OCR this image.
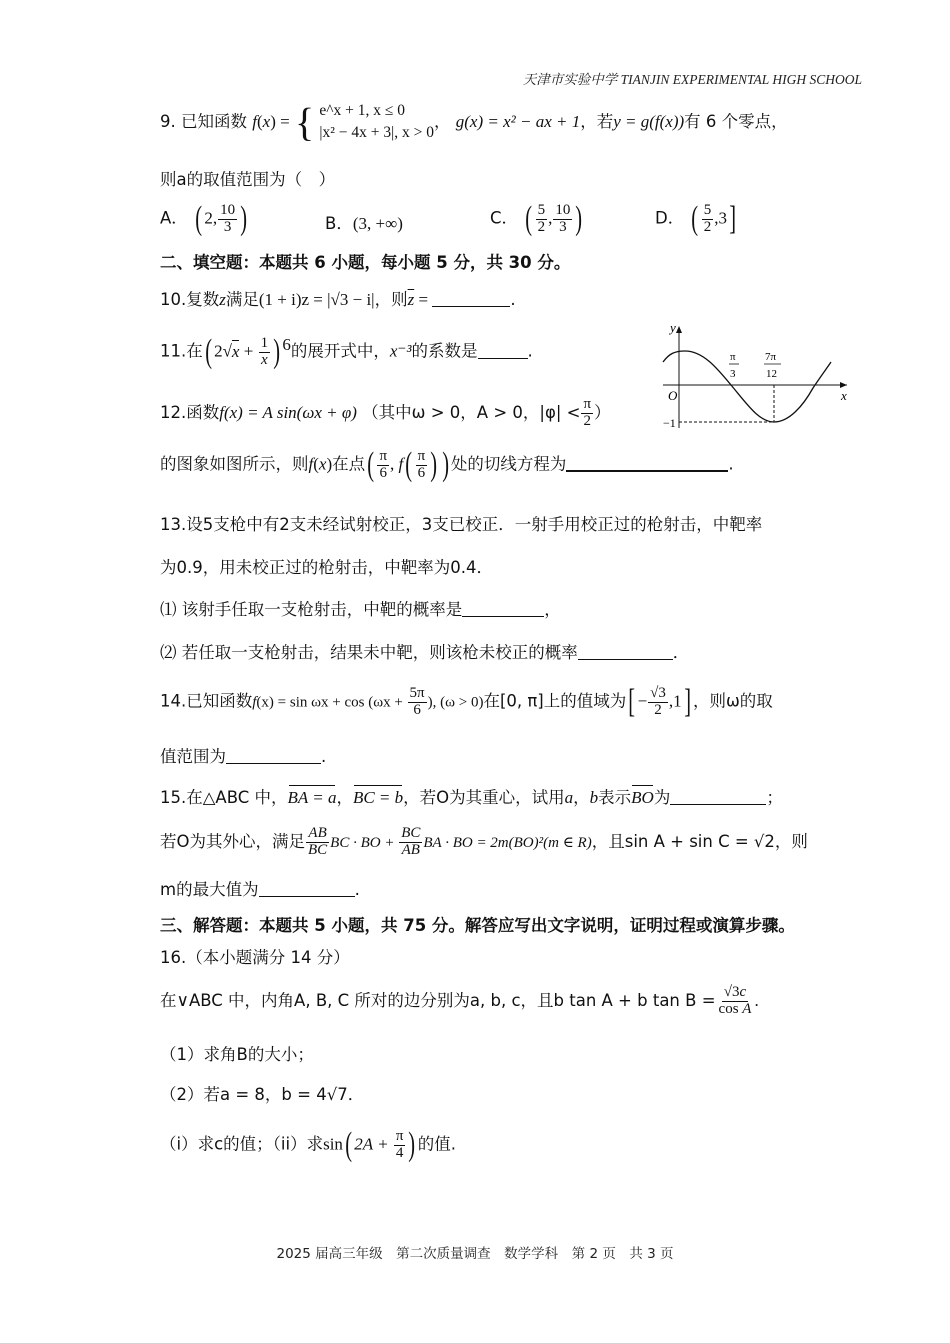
天津市实验中学 TIANJIN EXPERIMENTAL HIGH SCHOOL
9. 已知函数 f(x) = { e^x + 1, x ≤ 0
|x² − 4x + 3|, x > 0
， g(x) = x² − ax + 1，若y = g(f(x))有 6 个零点，
则a的取值范围为（　）
A． ( 2, $\frac{10}{3}$ )	B．(3, +∞)	C． ( $\frac{5}{2}$ , $\frac{10}{3}$ )	D． ( $\frac{5}{2} ,3$]
二、填空题：本题共 6 小题，每小题 5 分，共 30 分。
10.复数z满足(1 + i)z = |√3 − i|，则$\overline{z}$ =	.
11.在( $2√x + \frac{1}{x}$ ) $^6$的展开式中，x⁻³的系数是	.
12.函数f(x) = A sin(ωx + φ) （其中ω > 0，A > 0，$|\varphi| < \frac{\pi}{2}$ ）
的图象如图所示，则f(x)在点( $\frac{\pi}{6}$ , $f( \frac{\pi}{6}$ ) ) 处的切线方程为	.
y
x
O
−1
π
3
7π
12
13.设5支枪中有2支未经试射校正，3支已校正．一射手用校正过的枪射击，中靶率
为0.9，用未校正过的枪射击，中靶率为0.4．
⑴ 该射手任取一支枪射击，中靶的概率是	，
⑵ 若任取一支枪射击，结果未中靶，则该枪未校正的概率	．
14.已知函数$f(x) = \sin \omega x + \cos (\omega x + \frac{5\pi}{6}$ ), (ω > 0)在[0, π]上的值域为[ − $\frac{√3}{2} ,1$] ，则ω的取
值范围为	.
15.在△ABC 中，BA = a，BC = b，若O为其重心，试用a，b表示BO为	；
若O为其外心，满足 $\frac{AB}{BC}$ BC · BO + $\frac{BC}{AB}$ BA · BO = 2m(BO)²(m ∈ R)，且sin A + sin C = √2，则
m的最大值为	.
三、解答题：本题共 5 小题，共 75 分。解答应写出文字说明，证明过程或演算步骤。
16.（本小题满分 14 分）
在∨ABC 中，内角A, B, C 所对的边分别为a, b, c，且b tan A + b $\tan B = \frac{√3c}{\text{cos A}}$ .
（1）求角B的大小；
（2）若a = 8，b = 4√7．
（i）求c的值；（ii）求sin( $2A + \frac{\pi}{4}$ ) 的值.
2025 届高三年级　第二次质量调查　数学学科　第 2 页　共 3 页
